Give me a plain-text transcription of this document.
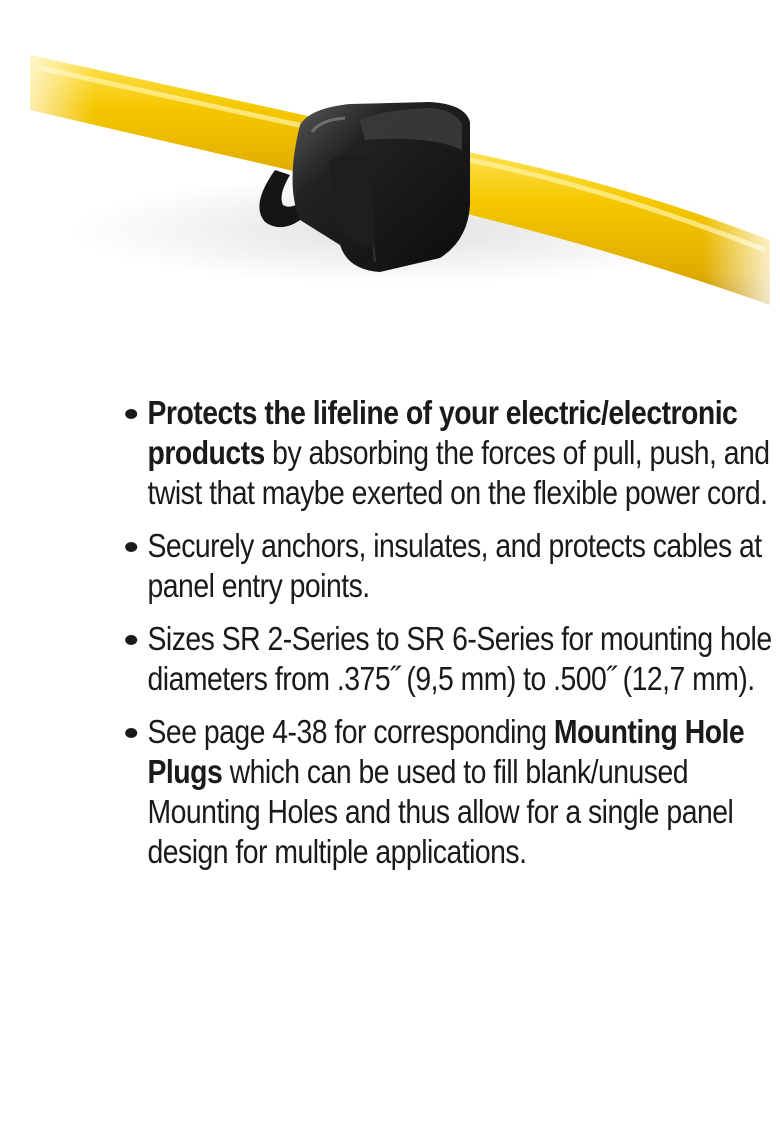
Protects the lifeline of your electric/electronic products by absorbing the forces of pull, push, and twist that maybe exerted on the flexible power cord.
Securely anchors, insulates, and protects cables at panel entry points.
Sizes SR 2-Series to SR 6-Series for mounting hole diameters from .375˝ (9,5 mm) to .500˝ (12,7 mm).
See page 4-38 for corresponding Mounting Hole Plugs which can be used to fill blank/unused Mounting Holes and thus allow for a single panel design for multiple applications.
